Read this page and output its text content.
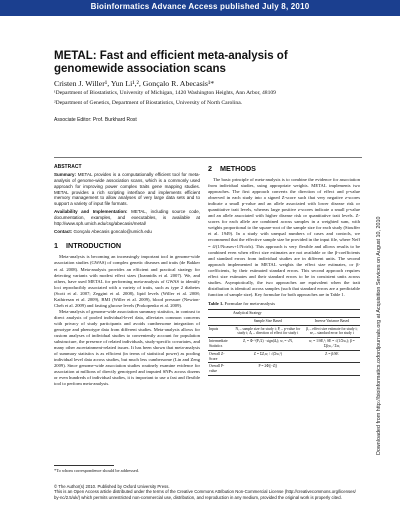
Bioinformatics Advance Access published July 8, 2010
METAL: Fast and efficient meta-analysis of genomewide association scans
Cristen J. Willer¹, Yun Li¹,², Gonçalo R. Abecasis¹*
¹Department of Biostatistics, University of Michigan, 1420 Washington Heights, Ann Arbor, 48109
²Department of Genetics, Department of Biostatistics, University of North Carolina.
Associate Editor: Prof. Burkhard Rost
ABSTRACT
Summary: METAL provides is a computationally efficient tool for meta-analysis of genome-wide association scans, which is a commonly used approach for improving power complex traits gene mapping studies. METAL provides a rich scripting interface and implements efficient memory management to allow analyses of very large data sets and to support a variety of input file formats.
Availability and Implementation: METAL, including source code, documentation, examples, and executables, is available at http://www.sph.umich.edu/csg/abecasis/metal/
Contact: Gonçalo Abecasis goncalo@umich.edu
1 INTRODUCTION

Meta-analysis is becoming an increasingly important tool in genome-wide association studies (GWAS) of complex genetic diseases and traits (de Bakker et al. 2008). Meta-analysis provides an efficient and practical strategy for detecting variants with modest effect sizes (Ioannidis et al. 2007). We, and others, have used METAL for performing meta-analysis of GWAS to identify loci reproducibly associated with a variety of traits, such as type 2 diabetes (Scott et al. 2007; Zeggini et al. 2008), lipid levels (Willer et al. 2008; Kathiresan et al. 2009), BMI (Willer et al. 2009), blood pressure (Newton-Cheh et al. 2009) and fasting glucose levels (Prokopenko et al. 2009).

Meta-analysis of genome-wide association summary statistics, in contrast to direct analysis of pooled individual-level data, alleviates common concerns with privacy of study participants and avoids cumbersome integration of genotype and phenotype data from different studies. Meta-analysis allows for custom analyses of individual studies to conveniently account for population substructure, the presence of related individuals, study-specific covariates, and many other ascertainment-related issues. It has been shown that meta-analysis of summary statistics is as efficient (in terms of statistical power) as pooling individual level data across studies, but much less cumbersome (Lin and Zeng 2009). Since genome-wide association studies routinely examine evidence for association at millions of directly genotyped and imputed SNPs across dozens or even hundreds of individual studies, it is important to use a fast and flexible tool to perform meta-analysis.

2 METHODS

The basic principle of meta-analysis is to combine the evidence for association from individual studies, using appropriate weights. METAL implements two approaches. The first approach converts the direction of effect and p-value observed in each study into a signed Z-score such that very negative z-scores indicate a small p-value and an allele associated with lower disease risk or quantitative trait levels, whereas large positive z-scores indicate a small p-value and an allele associated with higher disease risk or quantitative trait levels. Z-scores for each allele are combined across samples in a weighted sum, with weights proportional to the square-root of the sample size for each study (Stouffer et al. 1949). In a study with unequal numbers of cases and controls, we recommend that the effective sample size be provided in the input file, where Neff = 4/(1/Ncases+1/Nctrls). This approach is very flexible and allows results to be combined even when effect size estimates are not available or the β-coefficients and standard errors from individual studies are in different units. The second approach implemented in METAL weights the effect size estimates, or β-coefficients, by their estimated standard errors. This second approach requires effect size estimates and their standard errors to be in consistent units across studies. Asymptotically, the two approaches are equivalent when the trait distribution is identical across samples (such that standard errors are a predictable function of sample size). Key formulae for both approaches are in Table 1.

Table 1. Formulae for meta-analysis
	Analytical Strategy	
	Sample Size Based	Inverse Variance Based
Inputs	Nᵢ – sample size for study i; Pᵢ – p-value for study i; Δᵢ – direction of effect for study i	βᵢ – effect size estimate for study i; seᵢ – standard error for study i
Intermediate Statistics	Zᵢ = Φ⁻¹(Pᵢ/2) · sign(Δᵢ); wᵢ = √Nᵢ	wᵢ = 1/SEᵢ²; SE = √(1/Σwᵢ); β = Σβᵢwᵢ / Σwᵢ
Overall Z-Score	Z = ΣZᵢwᵢ / √(Σwᵢ²)	Z = β/SE
Overall P-value	P = 2Φ(|−Z|)	
*To whom correspondence should be addressed.
© The Author(s) 2010. Published by Oxford University Press.
This is an Open Access article distributed under the terms of the Creative Commons Attribution Non-Commercial License (http://creativecommons.org/licenses/
by-nc/2.5/uk/) which permits unrestricted non-commercial use, distribution, and reproduction in any medium, provided the original work is properly cited.
Downloaded from http://bioinformatics.oxfordjournals.org at Acquisition Services on August 10, 2010
